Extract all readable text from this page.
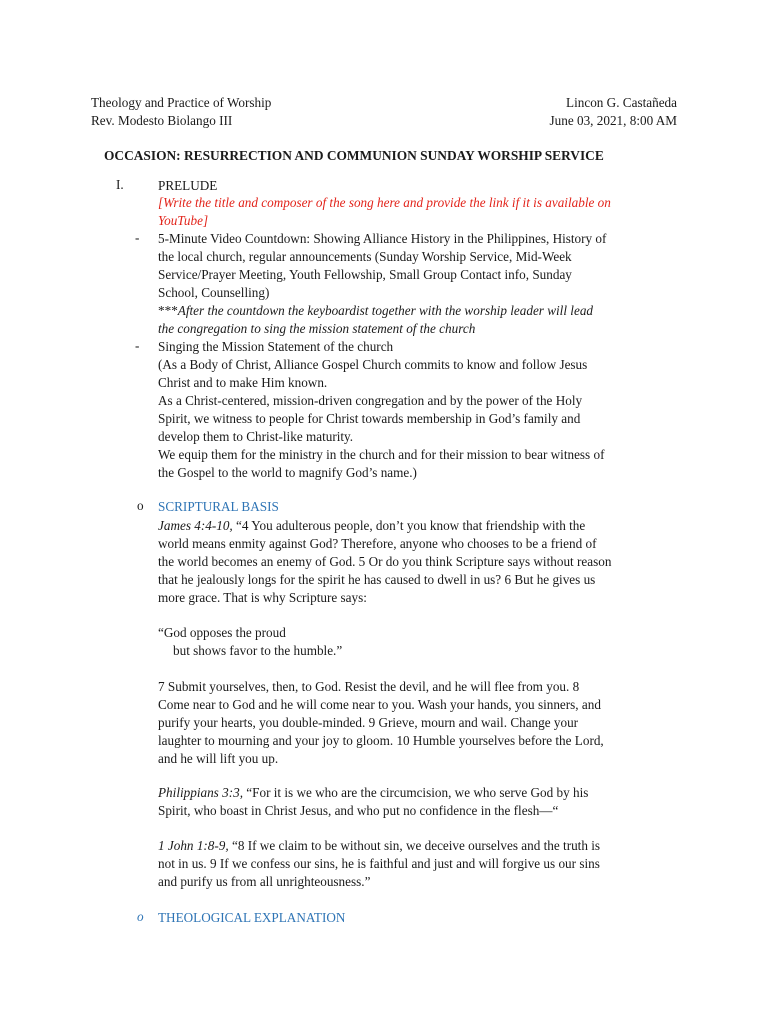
Theology and Practice of Worship	Lincon G. Castañeda
Rev. Modesto Biolango III	June 03, 2021, 8:00 AM
OCCASION: RESURRECTION AND COMMUNION SUNDAY WORSHIP SERVICE
I.	PRELUDE
[Write the title and composer of the song here and provide the link if it is available on
YouTube]
- 5-Minute Video Countdown: Showing Alliance History in the Philippines, History of
the local church, regular announcements (Sunday Worship Service, Mid-Week
Service/Prayer Meeting, Youth Fellowship, Small Group Contact info, Sunday
School, Counselling)
***After the countdown the keyboardist together with the worship leader will lead
the congregation to sing the mission statement of the church
- Singing the Mission Statement of the church
(As a Body of Christ, Alliance Gospel Church commits to know and follow Jesus
Christ and to make Him known.
As a Christ-centered, mission-driven congregation and by the power of the Holy
Spirit, we witness to people for Christ towards membership in God’s family and
develop them to Christ-like maturity.
We equip them for the ministry in the church and for their mission to bear witness of
the Gospel to the world to magnify God’s name.)
o SCRIPTURAL BASIS
James 4:4-10, “4 You adulterous people, don’t you know that friendship with the
world means enmity against God? Therefore, anyone who chooses to be a friend of
the world becomes an enemy of God. 5 Or do you think Scripture says without reason
that he jealously longs for the spirit he has caused to dwell in us? 6 But he gives us
more grace. That is why Scripture says:
“God opposes the proud
but shows favor to the humble.”
7 Submit yourselves, then, to God. Resist the devil, and he will flee from you. 8
Come near to God and he will come near to you. Wash your hands, you sinners, and
purify your hearts, you double-minded. 9 Grieve, mourn and wail. Change your
laughter to mourning and your joy to gloom. 10 Humble yourselves before the Lord,
and he will lift you up.
Philippians 3:3, “For it is we who are the circumcision, we who serve God by his
Spirit, who boast in Christ Jesus, and who put no confidence in the flesh—“
1 John 1:8-9, “8 If we claim to be without sin, we deceive ourselves and the truth is
not in us. 9 If we confess our sins, he is faithful and just and will forgive us our sins
and purify us from all unrighteousness.”
o THEOLOGICAL EXPLANATION
